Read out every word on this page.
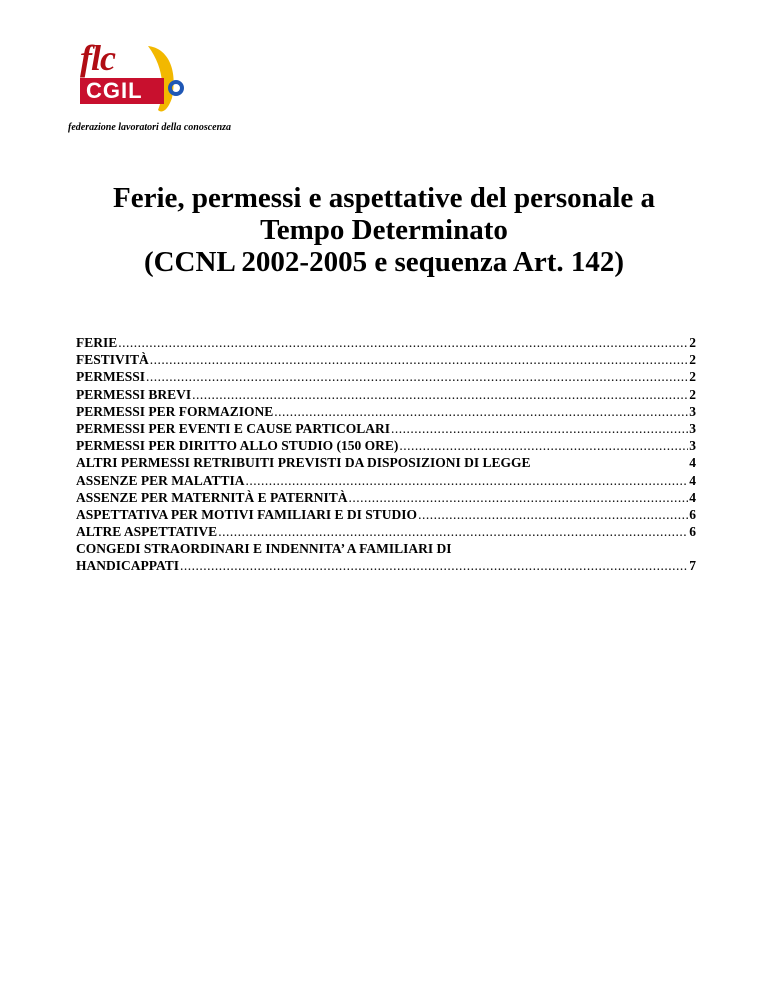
flc
CGIL
federazione lavoratori della conoscenza
Ferie, permessi e aspettative del personale a
Tempo Determinato
(CCNL 2002-2005 e sequenza Art. 142)
FERIE .....	2
FESTIVITÀ .....	2
PERMESSI .....	2
PERMESSI BREVI .....	2
PERMESSI PER FORMAZIONE .....	3
PERMESSI PER EVENTI E CAUSE PARTICOLARI .....	3
PERMESSI PER DIRITTO ALLO STUDIO (150 ORE) .....	3
ALTRI PERMESSI RETRIBUITI PREVISTI DA DISPOSIZIONI DI LEGGE	4
ASSENZE PER MALATTIA .....	4
ASSENZE PER MATERNITÀ E PATERNITÀ .....	4
ASPETTATIVA PER MOTIVI FAMILIARI E DI STUDIO .....	6
ALTRE ASPETTATIVE .....	6
CONGEDI STRAORDINARI E INDENNITA’ A FAMILIARI DI
HANDICAPPATI .....	7
